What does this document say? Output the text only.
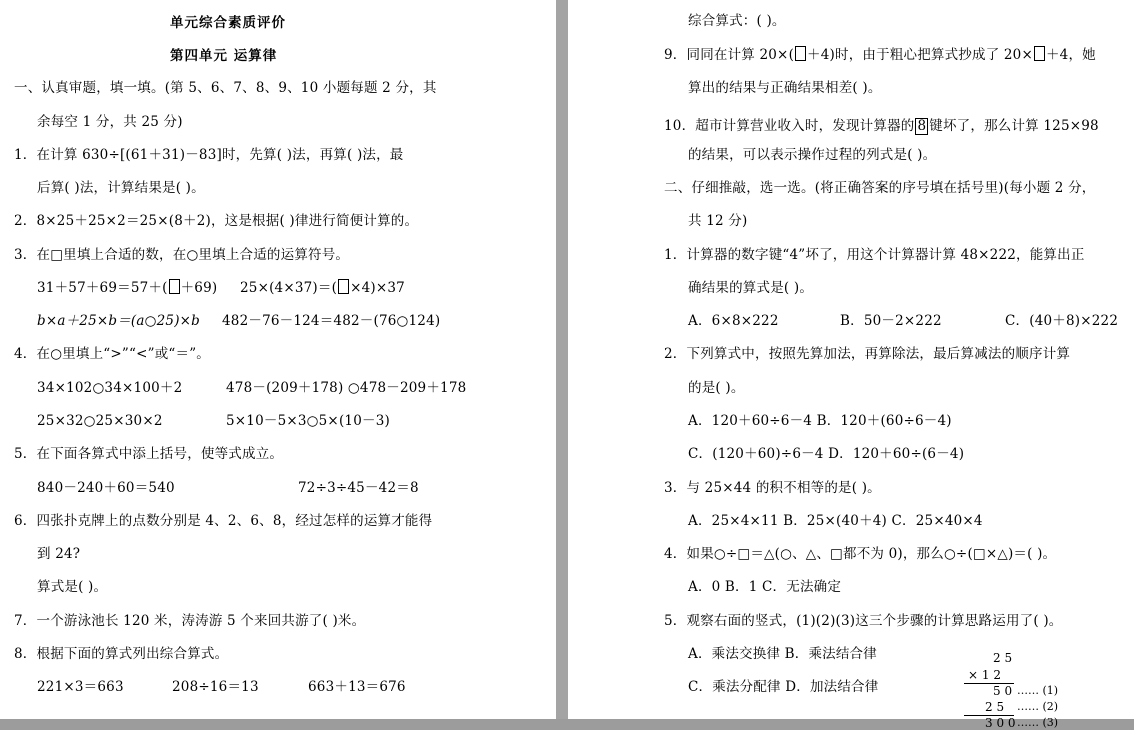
单元综合素质评价
第四单元 运算律
一、认真审题，填一填。(第 5、6、7、8、9、10 小题每题 2 分，其
余每空 1 分，共 25 分)
1．在计算 630÷[(61＋31)－83]时，先算( )法，再算( )法，最
后算( )法，计算结果是( )。
2．8×25＋25×2＝25×(8＋2)，这是根据( )律进行简便计算的。
3．在□里填上合适的数，在○里填上合适的运算符号。
31＋57＋69＝57＋( ＋69) 25×(4×37)＝( ×4)×37
b×a＋25×b＝(a○25)×b 482－76－124＝482－(76○124)
4．在○里填上“>”“<”或“＝”。
34×102○34×100＋2	478－(209＋178) ○478－209＋178
25×32○25×30×2	5×10－5×3○5×(10－3)
5．在下面各算式中添上括号，使等式成立。
840－240＋60＝540	72÷3÷45－42＝8
6．四张扑克牌上的点数分别是 4、2、6、8，经过怎样的运算才能得
到 24?
算式是( )。
7．一个游泳池长 120 米，涛涛游 5 个来回共游了( )米。
8．根据下面的算式列出综合算式。
221×3＝663	208÷16＝13	663＋13＝676
综合算式：( )。
9．同同在计算 20×( ＋4)时，由于粗心把算式抄成了 20× ＋4，她
算出的结果与正确结果相差( )。
10．超市计算营业收入时，发现计算器的 8 键坏了，那么计算 125×98
的结果，可以表示操作过程的列式是( )。
二、仔细推敲，选一选。(将正确答案的序号填在括号里)(每小题 2 分，
共 12 分)
1．计算器的数字键“4”坏了，用这个计算器计算 48×222，能算出正
确结果的算式是( )。
A．6×8×222	B．50－2×222	C．(40＋8)×222
2．下列算式中，按照先算加法，再算除法，最后算减法的顺序计算
的是( )。
A．120＋60÷6－4 B．120＋(60÷6－4)
C．(120＋60)÷6－4 D．120＋60÷(6－4)
3．与 25×44 的积不相等的是( )。
A．25×4×11 B．25×(40＋4) C．25×40×4
4．如果○÷□＝△(○、△、□都不为 0)，那么○÷(□×△)＝( )。
A．0 B．1 C．无法确定
5．观察右面的竖式，(1)(2)(3)这三个步骤的计算思路运用了( )。
A．乘法交换律 B．乘法结合律
C．乘法分配律 D．加法结合律
2 5
× 1 2
5 0 …… (1)
2 5 …… (2)
3 0 0 …… (3)
